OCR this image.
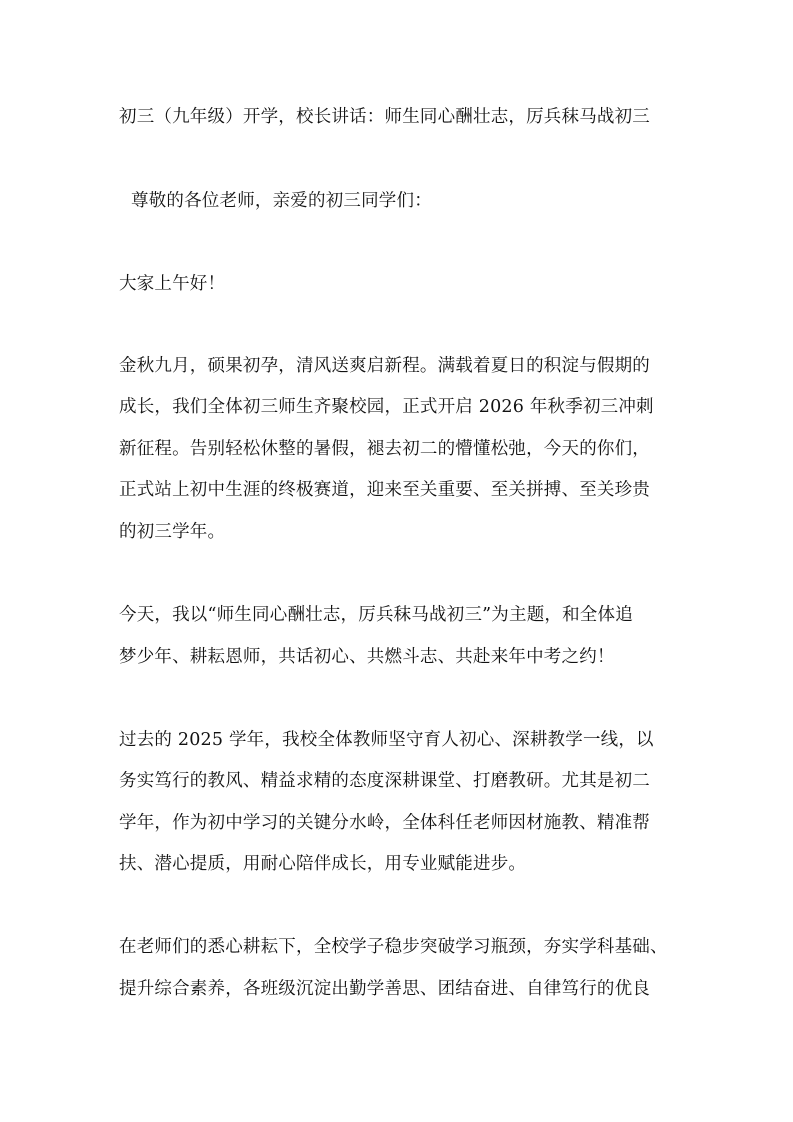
初三（九年级）开学，校长讲话：师生同心酬壮志，厉兵秣马战初三
尊敬的各位老师，亲爱的初三同学们：
大家上午好！
金秋九月，硕果初孕，清风送爽启新程。满载着夏日的积淀与假期的
成长，我们全体初三师生齐聚校园，正式开启 2026 年秋季初三冲刺
新征程。告别轻松休整的暑假，褪去初二的懵懂松弛，今天的你们，
正式站上初中生涯的终极赛道，迎来至关重要、至关拼搏、至关珍贵
的初三学年。
今天，我以“师生同心酬壮志，厉兵秣马战初三”为主题，和全体追
梦少年、耕耘恩师，共话初心、共燃斗志、共赴来年中考之约！
过去的 2025 学年，我校全体教师坚守育人初心、深耕教学一线，以
务实笃行的教风、精益求精的态度深耕课堂、打磨教研。尤其是初二
学年，作为初中学习的关键分水岭，全体科任老师因材施教、精准帮
扶、潜心提质，用耐心陪伴成长，用专业赋能进步。
在老师们的悉心耕耘下，全校学子稳步突破学习瓶颈，夯实学科基础、
提升综合素养，各班级沉淀出勤学善思、团结奋进、自律笃行的优良
